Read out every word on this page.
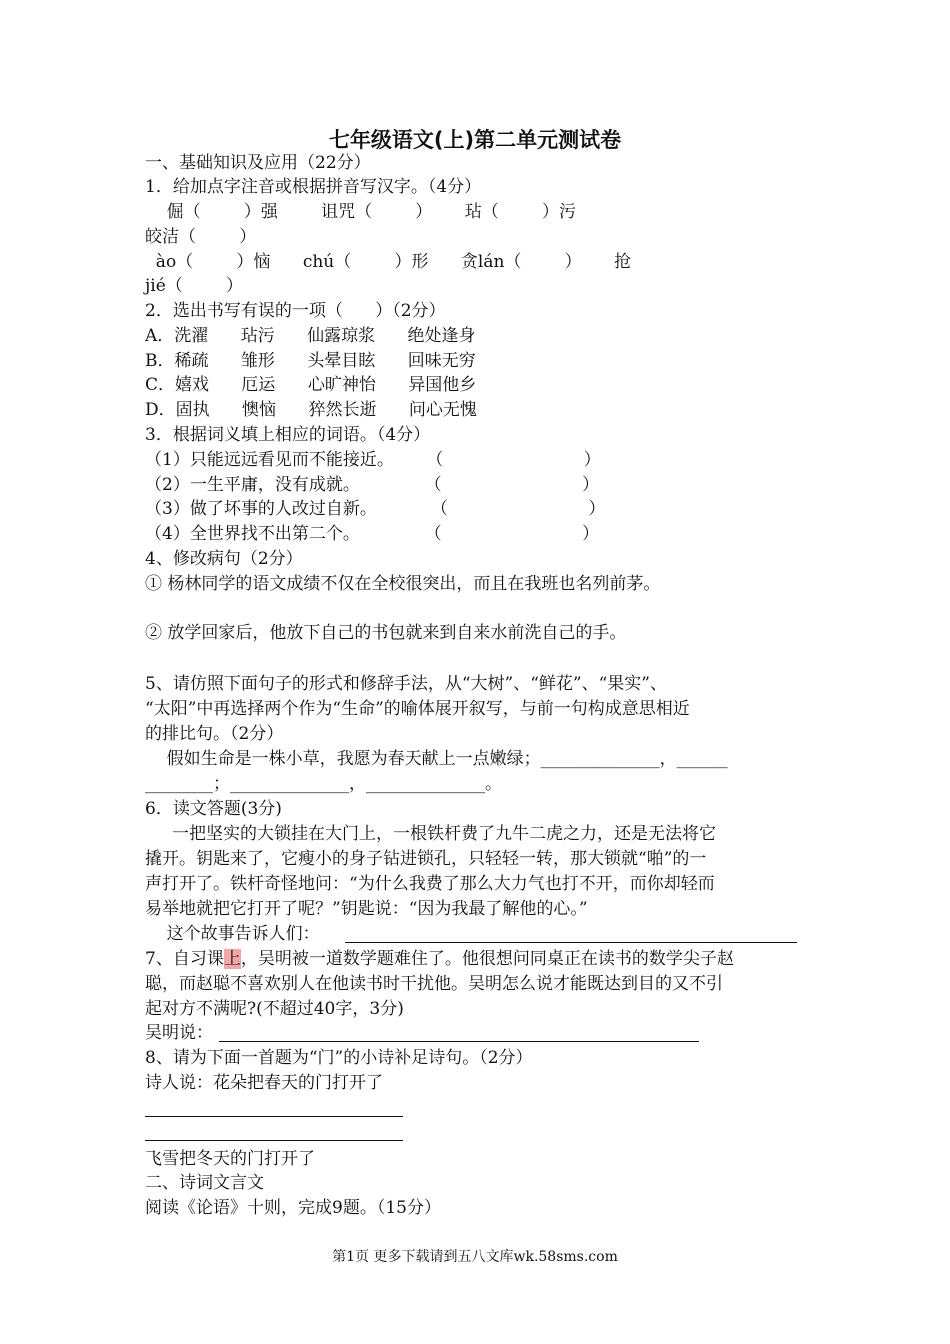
七年级语文(上)第二单元测试卷
一、基础知识及应用（22分）
1．给加点字注音或根据拼音写汉字。（4分）
倔（        ）强        诅咒（        ）      玷（        ）污
皎洁（        ）
ào（        ）恼      chú（        ）形      贪lán（        ）      抢
jié（        ）
2．选出书写有误的一项（      ）（2分）
A．洗濯      玷污      仙露琼浆      绝处逢身
B．稀疏      雏形      头晕目眩      回味无穷
C．嬉戏      厄运      心旷神怡      异国他乡
D．固执      懊恼      猝然长逝      问心无愧
3．根据词义填上相应的词语。（4分）
（1）只能远远看见而不能接近。      （                          ）
（2）一生平庸，没有成就。            （                          ）
（3）做了坏事的人改过自新。          （                          ）
（4）全世界找不出第二个。            （                          ）
4、修改病句（2分）
① 杨林同学的语文成绩不仅在全校很突出，而且在我班也名列前茅。
② 放学回家后，他放下自己的书包就来到自来水前洗自己的手。
5、请仿照下面句子的形式和修辞手法，从“大树”、“鲜花”、“果实”、
“太阳”中再选择两个作为“生命”的喻体展开叙写，与前一句构成意思相近
的排比句。（2分）
假如生命是一株小草，我愿为春天献上一点嫩绿；______________，______
________；______________，______________。
6．读文答题(3分)
一把坚实的大锁挂在大门上，一根铁杆费了九牛二虎之力，还是无法将它
撬开。钥匙来了，它瘦小的身子钻进锁孔，只轻轻一转，那大锁就“啪”的一
声打开了。铁杆奇怪地问：“为什么我费了那么大力气也打不开，而你却轻而
易举地就把它打开了呢？”钥匙说：“因为我最了解他的心。”
这个故事告诉人们：
7、自习课上，吴明被一道数学题难住了。他很想问同桌正在读书的数学尖子赵
聪，而赵聪不喜欢别人在他读书时干扰他。吴明怎么说才能既达到目的又不引
起对方不满呢?(不超过40字，3分)
吴明说：
8、请为下面一首题为“门”的小诗补足诗句。（2分）
诗人说：花朵把春天的门打开了
飞雪把冬天的门打开了
二、诗词文言文
阅读《论语》十则，完成9题。（15分）
第1页 更多下载请到五八文库wk.58sms.com
